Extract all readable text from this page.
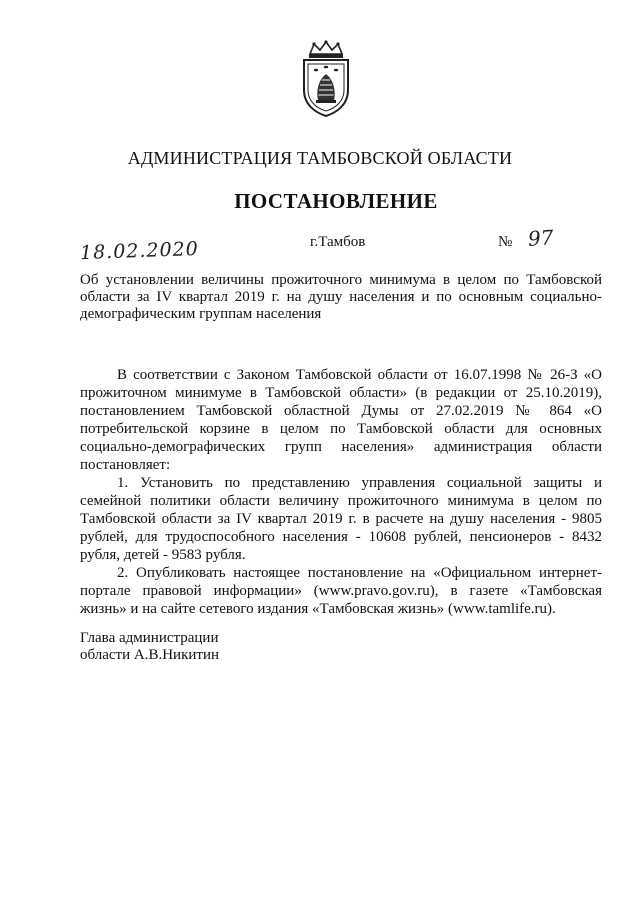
АДМИНИСТРАЦИЯ ТАМБОВСКОЙ ОБЛАСТИ
ПОСТАНОВЛЕНИЕ
18.02.2020	г.Тамбов	№ 97
Об установлении величины прожиточного минимума в целом по Тамбовской области за IV квартал 2019 г. на душу населения и по основным социально-демографическим группам населения

В соответствии с Законом Тамбовской области от 16.07.1998 № 26-З «О прожиточном минимуме в Тамбовской области» (в редакции от 25.10.2019), постановлением Тамбовской областной Думы от 27.02.2019 № 864 «О потребительской корзине в целом по Тамбовской области для основных социально-демографических групп населения» администрация области постановляет:

1. Установить по представлению управления социальной защиты и семейной политики области величину прожиточного минимума в целом по Тамбовской области за IV квартал 2019 г. в расчете на душу населения - 9805 рублей, для трудоспособного населения - 10608 рублей, пенсионеров - 8432 рубля, детей - 9583 рубля.

2. Опубликовать настоящее постановление на «Официальном интернет-портале правовой информации» (www.pravo.gov.ru), в газете «Тамбовская жизнь» и на сайте сетевого издания «Тамбовская жизнь» (www.tamlife.ru).

Глава администрации
области А.В.Никитин
